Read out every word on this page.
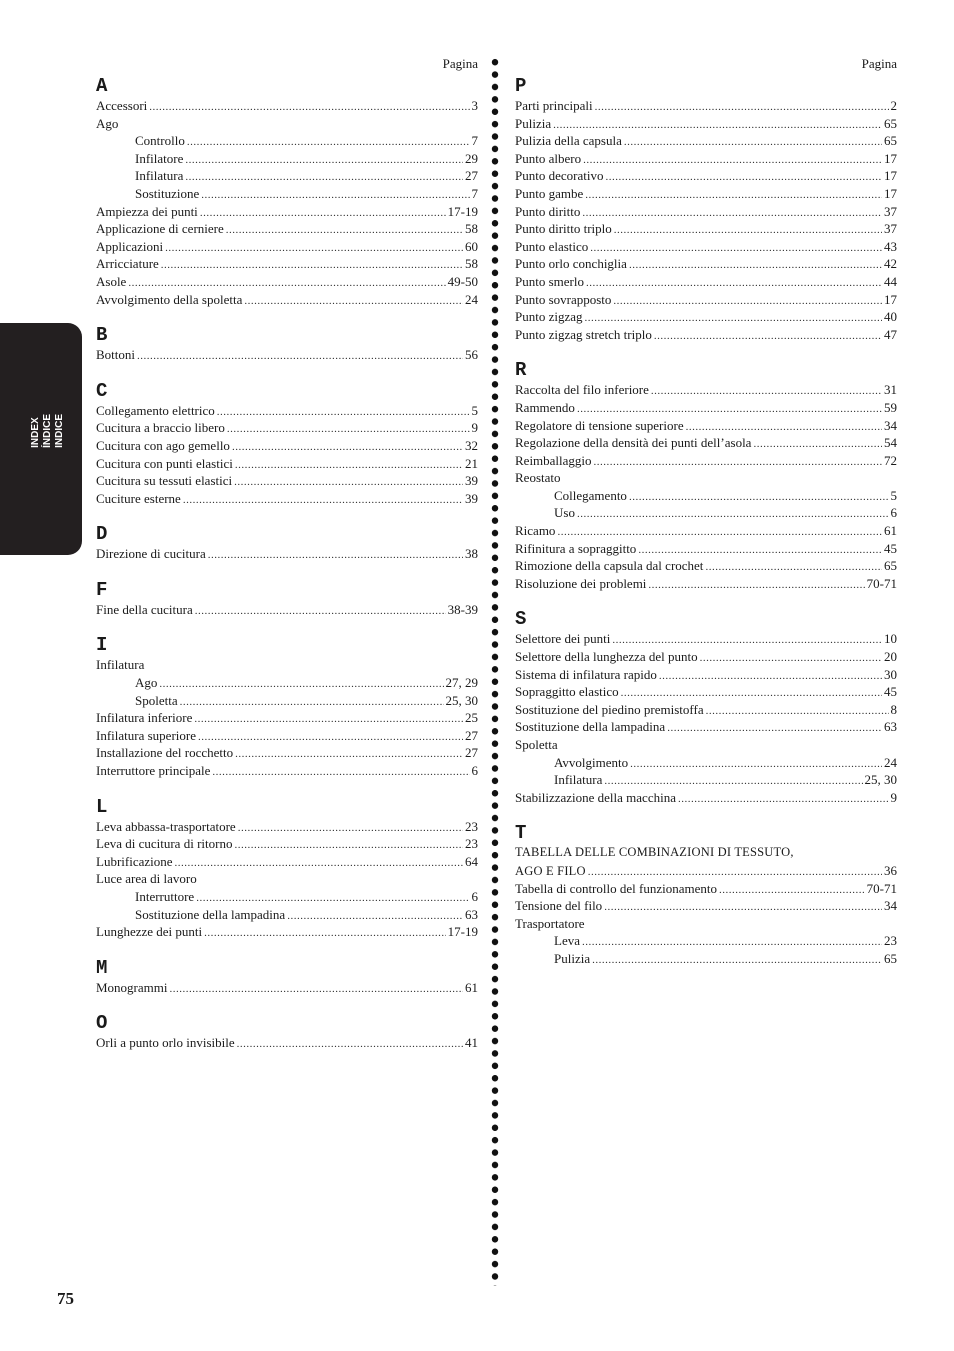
INDEX ÍNDICE INDICE
Pagina
A
Accessori .....	3
Ago
Controllo .....	7
Infilatore .....	29
Infilatura .....	27
Sostituzione .....	7
Ampiezza dei punti .....	17-19
Applicazione di cerniere .....	58
Applicazioni .....	60
Arricciature .....	58
Asole .....	49-50
Avvolgimento della spoletta .....	24
B
Bottoni .....	56
C
Collegamento elettrico .....	5
Cucitura a braccio libero .....	9
Cucitura con ago gemello .....	32
Cucitura con punti elastici .....	21
Cucitura su tessuti elastici .....	39
Cuciture esterne .....	39
D
Direzione di cucitura .....	38
F
Fine della cucitura .....	38-39
I
Infilatura
Ago .....	27, 29
Spoletta .....	25, 30
Infilatura inferiore .....	25
Infilatura superiore .....	27
Installazione del rocchetto .....	27
Interruttore principale .....	6
L
Leva abbassa-trasportatore .....	23
Leva di cucitura di ritorno .....	23
Lubrificazione .....	64
Luce area di lavoro
Interruttore .....	6
Sostituzione della lampadina .....	63
Lunghezze dei punti .....	17-19
M
Monogrammi .....	61
O
Orli a punto orlo invisibile .....	41
Pagina
P
Parti principali .....	2
Pulizia .....	65
Pulizia della capsula .....	65
Punto albero .....	17
Punto decorativo .....	17
Punto gambe .....	17
Punto diritto .....	37
Punto diritto triplo .....	37
Punto elastico .....	43
Punto orlo conchiglia .....	42
Punto smerlo .....	44
Punto sovrapposto .....	17
Punto zigzag .....	40
Punto zigzag stretch triplo .....	47
R
Raccolta del filo inferiore .....	31
Rammendo .....	59
Regolatore di tensione superiore .....	34
Regolazione della densità dei punti dell’asola .....	54
Reimballaggio .....	72
Reostato
Collegamento .....	5
Uso .....	6
Ricamo .....	61
Rifinitura a sopraggitto .....	45
Rimozione della capsula dal crochet .....	65
Risoluzione dei problemi .....	70-71
S
Selettore dei punti .....	10
Selettore della lunghezza del punto .....	20
Sistema di infilatura rapido .....	30
Sopraggitto elastico .....	45
Sostituzione del piedino premistoffa .....	8
Sostituzione della lampadina .....	63
Spoletta
Avvolgimento .....	24
Infilatura .....	25, 30
Stabilizzazione della macchina .....	9
T
TABELLA DELLE COMBINAZIONI DI TESSUTO,
AGO E FILO .....	36
Tabella di controllo del funzionamento .....	70-71
Tensione del filo .....	34
Trasportatore
Leva .....	23
Pulizia .....	65
75
